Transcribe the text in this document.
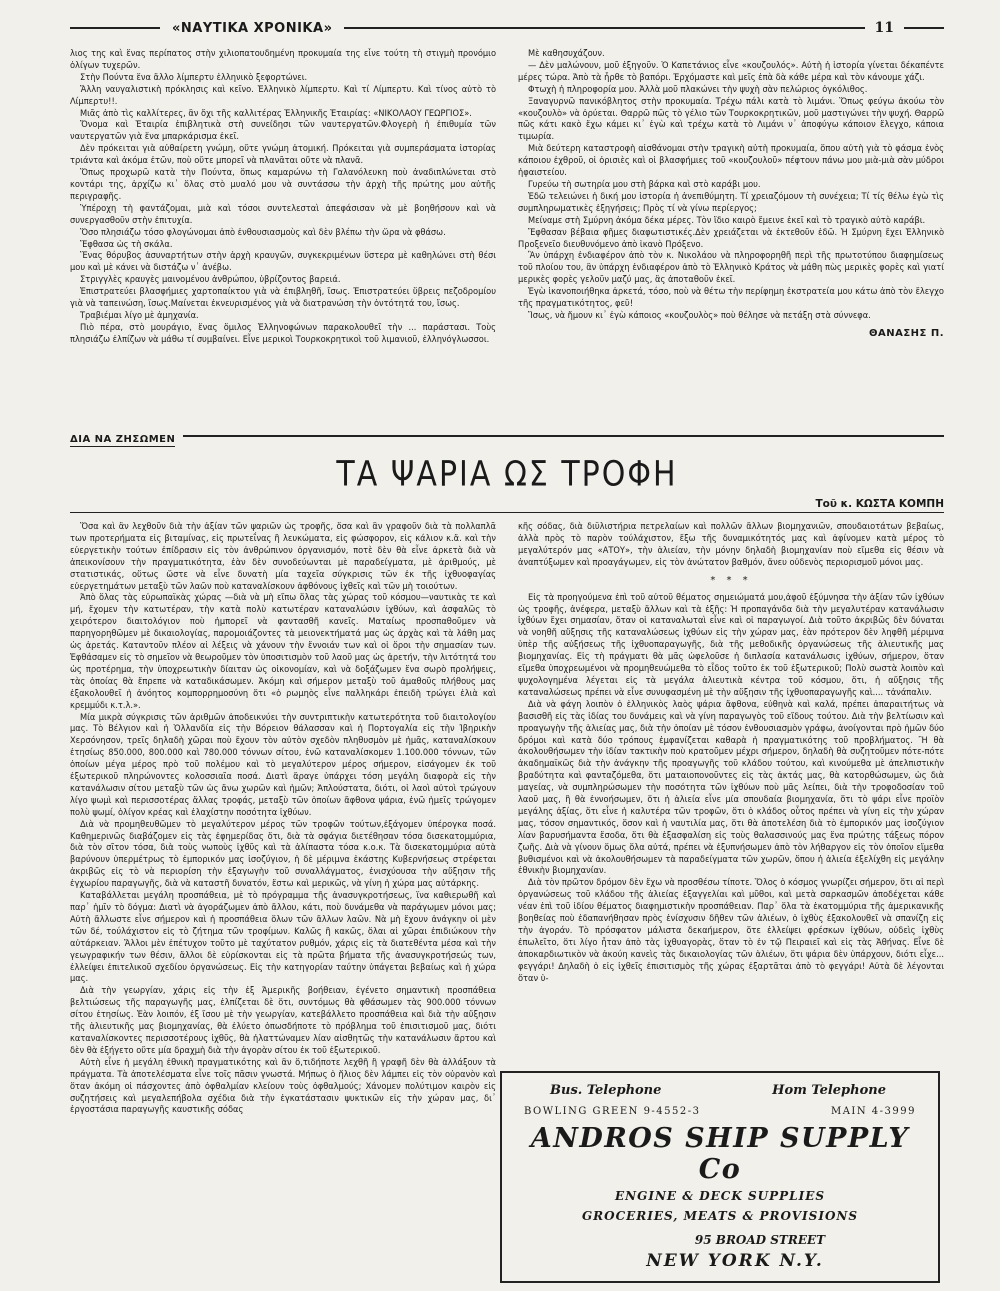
«ΝΑΥΤΙΚΑ ΧΡΟΝΙΚΑ»	11

λιος της καὶ ἕνας περίπατος στὴν χιλιοπατουδημένη προκυμαία της εἶνε τούτη τὴ στιγμὴ προνόμιο ὀλίγων τυχερῶν.

Στὴν Πούντα ἕνα ἄλλο λίμπερτυ ἑλληνικὸ ξεφορτώνει.

Ἄλλη ναυγαλιστικὴ πρόκλησις καὶ κεῖνο. Ἑλληνικὸ λίμπερτυ. Καὶ τί Λίμπερτυ. Καὶ τίνος αὐτὸ τὸ Λίμπερτυ!!.

Μιᾶς ἀπὸ τὶς καλλίτερες, ἂν ὄχι τῆς καλλιτέρας Ἑλληνικῆς Ἑταιρίας: «ΝΙΚΟΛΑΟΥ ΓΕΩΡΓΙΟΣ».

Ὄνομα καὶ Ἑταιρία ἐπιβλητικὰ στὴ συνείδησι τῶν ναυτεργατῶν.Φλογερὴ ἡ ἐπιθυμία τῶν ναυτεργατῶν γιὰ ἕνα μπαρκάρισμα ἐκεῖ.

Δὲν πρόκειται γιὰ αὐθαίρετη γνώμη, οὔτε γνώμη ἀτομική. Πρόκειται γιὰ συμπεράσματα ἱστορίας τριάντα καὶ ἀκόμα ἐτῶν, ποὺ οὔτε μπορεῖ νὰ πλανᾶται οὔτε νὰ πλανᾶ.

Ὅπως προχωρῶ κατὰ τὴν Πούντα, ὅπως καμαρώνω τὴ Γαλανόλευκη ποὺ ἀναδιπλώνεται στὸ κοντάρι της, ἀρχίζω κι᾽ ὅλας στὸ μυαλό μου νὰ συντάσσω τὴν ἀρχὴ τῆς πρώτης μου αὐτῆς περιγραφῆς.

Ὑπέροχη τὴ φαντάζομαι, μιὰ καὶ τόσοι συντελεσταὶ ἀπεφάσισαν νὰ μὲ βοηθήσουν καὶ νὰ συνεργασθοῦν στὴν ἐπιτυχία.

Ὅσο πλησιάζω τόσο φλογώνομαι ἀπὸ ἐνθουσιασμοὺς καὶ δὲν βλέπω τὴν ὥρα νὰ φθάσω.

Ἔφθασα ὡς τὴ σκάλα.

Ἕνας θόρυβος ἀσυναρτήτων στὴν ἀρχὴ κραυγῶν, συγκεκριμένων ὕστερα μὲ καθηλώνει στὴ θέσι μου καὶ μὲ κάνει νὰ διστάζω ν᾽ ἀνέβω.

Στριγγλὲς κραυγὲς μαινομένου ἀνθρώπου, ὑβρίζοντος βαρειά.

Ἐπιστρατεύει βλασφήμιες χαρτοπαίκτου γιὰ νὰ ἐπιβληθῆ, ἴσως. Ἐπιστρατεύει ὕβρεις πεζοδρομίου γιὰ νὰ ταπεινώση, ἴσως.Μαίνεται ἐκνευρισμένος γιὰ νὰ διατρανώση τὴν ὀντότητά του, ἴσως.

Τραβιέμαι λίγο μὲ ἀμηχανία.

Πιὸ πέρα, στὸ μουράγιο, ἕνας ὅμιλος Ἑλληνοφώνων παρακολουθεῖ τὴν ... παράστασι. Τοὺς πλησιάζω ἐλπίζων νὰ μάθω τί συμβαίνει. Εἶνε μερικοὶ Τουρκοκρητικοὶ τοῦ λιμανιοῦ, ἑλληνόγλωσσοι.

Μὲ καθησυχάζουν.

— Δὲν μαλώνουν, μοῦ ἐξηγοῦν. Ὁ Καπετάνιος εἶνε «κουζουλός». Αὐτὴ ἡ ἱστορία γίνεται δέκαπέντε μέρες τώρα. Ἀπὸ τὰ ἦρθε τὸ βαπόρι. Ἐρχόμαστε καὶ μεῖς ἐπὰ δὰ κάθε μέρα καὶ τὸν κάνουμε χάζι.

Φτωχὴ ἡ πληροφορία μου. Ἀλλὰ μοῦ πλακώνει τὴν ψυχὴ σὰν πελώριος ὀγκόλιθος.

Ξαναγυρνῶ πανικόβλητος στὴν προκυμαία. Τρέχω πάλι κατὰ τὸ λιμάνι. Ὅπως φεύγω ἀκούω τὸν «κουζουλὸ» νὰ ὀρύεται. Θαρρῶ πῶς τὸ γέλιο τῶν Τουρκοκρητικῶν, μοῦ μαστιγώνει τὴν ψυχή. Θαρρῶ πῶς κάτι κακὸ ἔχω κάμει κι᾽ ἐγὼ καὶ τρέχω κατὰ τὸ Λιμάνι ν᾽ ἀποφύγω κάποιον ἔλεγχο, κάποια τιμωρία.

Μιὰ δεύτερη καταστροφὴ αἰσθάνομαι στὴν τραγικὴ αὐτὴ προκυμαία, ὅπου αὐτὴ γιὰ τὸ φάσμα ἑνὸς κάποιου ἐχθροῦ, οἱ ὀρισιὲς καὶ οἱ βλασφήμιες τοῦ «κουζουλοῦ» πέφτουν πάνω μου μιὰ-μιὰ σὰν μύδροι ἡφαιστείου.

Γυρεύω τὴ σωτηρία μου στὴ βάρκα καὶ στὸ καράβι μου.

Ἐδῶ τελειώνει ἡ δική μου ἱστορία ἡ ἀνεπιθύμητη. Τί χρειαζόμουν τὴ συνέχεια; Τί τίς θέλω ἐγὼ τὶς συμπληρωματικὲς ἐξηγήσεις; Πρὸς τί νὰ γίνω περίεργος;

Μείναμε στὴ Σμύρνη ἀκόμα δέκα μέρες. Τὸν ἴδιο καιρὸ ἔμεινε ἐκεῖ καὶ τὸ τραγικὸ αὐτὸ καράβι.

Ἔφθασαν βέβαια φῆμες διαφωτιστικές.Δὲν χρειάζεται νὰ ἐκτεθοῦν ἐδῶ. Ἡ Σμύρνη ἔχει Ἑλληνικὸ Προξενεῖο διευθυνόμενο ἀπὸ ἱκανὸ Πρόξενο.

Ἂν ὑπάρχη ἐνδιαφέρον ἀπὸ τὸν κ. Νικολάου νὰ πληροφορηθῆ περὶ τῆς πρωτοτύπου διαφημίσεως τοῦ πλοίου του, ἂν ὑπάρχη ἐνδιαφέρον ἀπὸ τὸ Ἑλληνικὸ Κράτος νὰ μάθη πὼς μερικὲς φορὲς καὶ γιατί μερικὲς φορὲς γελοῦν μαζύ μας, ἂς ἀποταθοῦν ἐκεῖ.

Ἐγὼ ἱκανοποιήθηκα ἀρκετά, τόσο, ποὺ νὰ θέτω τὴν περίφημη ἐκστρατεία μου κάτω ἀπὸ τὸν ἔλεγχο τῆς πραγματικότητος, φεῦ!

Ἴσως, νὰ ἤμουν κι᾽ ἐγὼ κάποιος «κουζουλὸς» ποὺ θέλησε νὰ πετάξη στὰ σύννεφα.

ΘΑΝΑΣΗΣ Π.
ΔΙΑ ΝΑ ΖΗΣΩΜΕΝ
ΤΑ ΨΑΡΙΑ ΩΣ ΤΡΟΦΗ
Τοῦ κ. ΚΩΣΤΑ ΚΟΜΠΗ

Ὅσα καὶ ἂν λεχθοῦν διὰ τὴν ἀξίαν τῶν ψαριῶν ὡς τροφῆς, ὅσα καὶ ἂν γραφοῦν διὰ τὰ πολλαπλᾶ των προτερήματα εἰς βιταμίνας, εἰς πρωτεΐνας ἢ λευκώματα, εἰς φώσφορον, εἰς κάλιον κ.ἄ. καὶ τὴν εὐεργετικὴν τούτων ἐπίδρασιν εἰς τὸν ἀνθρώπινον ὀργανισμόν, ποτὲ δὲν θὰ εἶνε ἀρκετὰ διὰ νὰ ἀπεικονίσουν τὴν πραγματικότητα, ἐὰν δὲν συνοδεύωνται μὲ παραδείγματα, μὲ ἀριθμούς, μὲ στατιστικάς, οὕτως ὥστε νὰ εἶνε δυνατὴ μία ταχεῖα σύγκρισις τῶν ἐκ τῆς ἰχθυοφαγίας εὐεργετημάτων μεταξὺ τῶν λαῶν ποὺ καταναλίσκουν ἀφθόνους ἰχθεῖς καὶ τῶν μὴ τοιούτων.

Ἀπὸ ὅλας τὰς εὐρωπαϊκὰς χώρας —διὰ νὰ μὴ εἴπω ὅλας τὰς χώρας τοῦ κόσμου—ναυτικὰς τε καὶ μή, ἔχομεν τὴν κατωτέραν, τὴν κατὰ πολὺ κατωτέραν καταναλώσιν ἰχθύων, καὶ ἀσφαλῶς τὸ χειρότερον διαιτολόγιον ποὺ ἠμπορεῖ νὰ φαντασθῆ κανεῖς. Ματαίως προσπαθοῦμεν νὰ παρηγορηθῶμεν μὲ δικαιολογίας, παρομοιάζοντες τὰ μειονεκτήματά μας ὡς ἀρχὰς καὶ τὰ λάθη μας ὡς ἀρετάς. Καταντοῦν πλέον αἱ λέξεις νὰ χάνουν τὴν ἔννοιάν των καὶ οἱ ὅροι τὴν σημασίαν των. Ἐφθάσαμεν εἰς τὸ σημεῖον νὰ θεωροῦμεν τὸν ὑποσιτισμὸν τοῦ λαοῦ μας ὡς ἀρετήν, τὴν λιτότητά του ὡς προτέρημα, τὴν ὑποχρεωτικὴν δίαιταν ὡς οἰκονομίαν, καὶ νὰ δοξάζωμεν ἕνα σωρὸ προλήψεις, τὰς ὁποίας θὰ ἔπρεπε νὰ καταδικάσωμεν. Ἀκόμη καὶ σήμερον μεταξὺ τοῦ ἀμαθοῦς πλήθους μας ἐξακολουθεῖ ἡ ἀνόητος κομπορρημοσύνη ὅτι «ὁ ρωμηὸς εἶνε παλληκάρι ἐπειδὴ τρώγει ἐλιὰ καὶ κρεμμύδι κ.τ.λ.».

Μία μικρὰ σύγκρισις τῶν ἀριθμῶν ἀποδεικνύει τὴν συντριπτικὴν κατωτερότητα τοῦ διαιτολογίου μας. Τὸ Βέλγιον καὶ ἡ Ὁλλανδία εἰς τὴν Βόρειον θάλασσαν καὶ ἡ Πορτογαλία εἰς τὴν Ἰβηρικὴν Χερσόνησον, τρεῖς δηλαδὴ χῶραι ποὺ ἔχουν τὸν αὐτὸν σχεδὸν πληθυσμὸν μὲ ἡμᾶς, καταναλίσκουν ἐτησίως 850.000, 800.000 καὶ 780.000 τόννων σίτου, ἐνῶ καταναλίσκομεν 1.100.000 τόννων, τῶν ὁποίων μέγα μέρος πρὸ τοῦ πολέμου καὶ τὸ μεγαλύτερον μέρος σήμερον, εἰσάγομεν ἐκ τοῦ ἐξωτερικοῦ πληρώνοντες κολοσσιαῖα ποσά. Διατὶ ἄραγε ὑπάρχει τόση μεγάλη διαφορὰ εἰς τὴν κατανάλωσιν σίτου μεταξὺ τῶν ὡς ἄνω χωρῶν καὶ ἡμῶν; Ἁπλούστατα, διότι, οἱ λαοὶ αὐτοὶ τρώγουν λίγο ψωμὶ καὶ περισσοτέρας ἄλλας τροφάς, μεταξὺ τῶν ὁποίων ἄφθονα ψάρια, ἐνῶ ἡμεῖς τρώγομεν πολὺ ψωμί, ὀλίγον κρέας καὶ ἐλαχίστην ποσότητα ἰχθύων.

Διὰ νὰ προμηθευθῶμεν τὸ μεγαλύτερον μέρος τῶν τροφῶν τούτων,ἐξάγομεν ὑπέρογκα ποσά. Καθημερινῶς διαβάζομεν εἰς τὰς ἐφημερίδας ὅτι, διὰ τὰ σφάγια διετέθησαν τόσα δισεκατομμύρια, διὰ τὸν σῖτον τόσα, διὰ τοὺς νωποὺς ἰχθῦς καὶ τὰ ἁλίπαστα τόσα κ.ο.κ. Τὰ δισεκατομμύρια αὐτὰ βαρύνουν ὑπερμέτρως τὸ ἐμπορικόν μας ἰσοζύγιον, ἡ δὲ μέριμνα ἑκάστης Κυβερνήσεως στρέφεται ἀκριβῶς εἰς τὸ νὰ περιορίση τὴν ἐξαγωγὴν τοῦ συναλλάγματος, ἐνισχύουσα τὴν αὔξησιν τῆς ἐγχωρίου παραγωγῆς, διὰ νὰ καταστῆ δυνατόν, ἔστω καὶ μερικῶς, νὰ γίνη ἡ χώρα μας αὐτάρκης.

Καταβάλλεται μεγάλη προσπάθεια, μὲ τὸ πρόγραμμα τῆς ἀνασυγκροτήσεως, ἵνα καθιερωθῆ καὶ παρ᾽ ἡμῖν τὸ δόγμα: Διατὶ νὰ ἀγοράζωμεν ἀπὸ ἄλλου, κάτι, ποὺ δυνάμεθα νὰ παράγωμεν μόνοι μας; Αὐτὴ ἄλλωστε εἶνε σήμερον καὶ ἡ προσπάθεια ὅλων τῶν ἄλλων λαῶν. Νὰ μὴ ἔχουν ἀνάγκην οἱ μὲν τῶν δέ, τούλάχιστον εἰς τὸ ζήτημα τῶν τροφίμων. Καλῶς ἢ κακῶς, ὅλαι αἱ χῶραι ἐπιδιώκουν τὴν αὐτάρκειαν. Ἄλλοι μὲν ἐπέτυχον τοῦτο μὲ ταχύτατον ρυθμόν, χάρις εἰς τὰ διατεθέντα μέσα καὶ τὴν γεωγραφικήν των θέσιν, ἄλλοι δὲ εὑρίσκονται εἰς τὰ πρῶτα βήματα τῆς ἀνασυγκροτήσεώς των, ἐλλείψει ἐπιτελικοῦ σχεδίου ὀργανώσεως. Εἰς τὴν κατηγορίαν ταύτην ὑπάγεται βεβαίως καὶ ἡ χώρα μας.

Διὰ τὴν γεωργίαν, χάρις εἰς τὴν ἐξ Ἀμερικῆς βοήθειαν, ἐγένετο σημαντικὴ προσπάθεια βελτιώσεως τῆς παραγωγῆς μας, ἐλπίζεται δὲ ὅτι, συντόμως θὰ φθάσωμεν τὰς 900.000 τόννων σίτου ἐτησίως. Ἐὰν λοιπόν, ἐξ ἴσου μὲ τὴν γεωργίαν, κατεβάλλετο προσπάθεια καὶ διὰ τὴν αὔξησιν τῆς ἁλιευτικῆς μας βιομηχανίας, θὰ ἐλύετο ὁπωσδήποτε τὸ πρόβλημα τοῦ ἐπισιτισμοῦ μας, διότι καταναλίσκοντες περισσοτέρους ἰχθῦς, θὰ ἠλαττώναμεν λίαν αἰσθητῶς τὴν κατανάλωσιν ἄρτου καὶ δὲν θὰ ἐξήγετο οὔτε μία δραχμὴ διὰ τὴν ἀγορὰν σίτου ἐκ τοῦ ἐξωτερικοῦ.

Αὐτὴ εἶνε ἡ μεγάλη ἐθνικὴ πραγματικότης καὶ ἂν ὅ,τιδήποτε λεχθῆ ἢ γραφῆ δὲν θὰ ἀλλάξουν τὰ πράγματα. Τὰ ἀποτελέσματα εἶνε τοῖς πᾶσιν γνωστά. Μήπως ὁ ἥλιος δὲν λάμπει εἰς τὸν οὐρανὸν καὶ ὅταν ἀκόμη οἱ πάσχοντες ἀπὸ ὀφθαλμίαν κλείουν τοὺς ὀφθαλμούς; Χάνομεν πολύτιμον καιρὸν εἰς συζητήσεις καὶ μεγαλεπήβολα σχέδια διὰ τὴν ἐγκατάστασιν ψυκτικῶν εἰς τὴν χώραν μας, δι᾽ ἐργοστάσια παραγωγῆς καυστικῆς σόδας

κῆς σόδας, διὰ διϋλιστήρια πετρελαίων καὶ πολλῶν ἄλλων βιομηχανιῶν, σπουδαιοτάτων βεβαίως, ἀλλὰ πρὸς τὸ παρὸν τούλάχιστον, ἔξω τῆς δυναμικότητός μας καὶ ἀφίνομεν κατὰ μέρος τὸ μεγαλύτερόν μας «ΑΤΟΥ», τὴν ἁλιείαν, τὴν μόνην δηλαδὴ βιομηχανίαν ποὺ εἴμεθα εἰς θέσιν νὰ ἀναπτύξωμεν καὶ προαγάγωμεν, εἰς τὸν ἀνώτατον βαθμόν, ἄνευ οὐδενὸς περιορισμοῦ μόνοι μας.

* * *

Εἰς τὰ προηγούμενα ἐπὶ τοῦ αὐτοῦ θέματος σημειώματά μου,ἀφοῦ ἐξύμνησα τὴν ἀξίαν τῶν ἰχθύων ὡς τροφῆς, ἀνέφερα, μεταξὺ ἄλλων καὶ τὰ ἑξῆς: Ἡ προπαγάνδα διὰ τὴν μεγαλυτέραν κατανάλωσιν ἰχθύων ἔχει σημασίαν, ὅταν οἱ καταναλωταὶ εἶνε καὶ οἱ παραγωγοί. Διὰ τοῦτο ἀκριβῶς δὲν δύναται νὰ νοηθῆ αὔξησις τῆς καταναλώσεως ἰχθύων εἰς τὴν χώραν μας, ἐὰν πρότερον δὲν ληφθῆ μέριμνα ὑπὲρ τῆς αὐξήσεως τῆς ἰχθυοπαραγωγῆς, διὰ τῆς μεθοδικῆς ὀργανώσεως τῆς ἁλιευτικῆς μας βιομηχανίας. Εἰς τὴ πράγματι θὰ μᾶς ὠφελοῦσε ἡ διπλασία κατανάλωσις ἰχθύων, σήμερον, ὅταν εἴμεθα ὑποχρεωμένοι νὰ προμηθευώμεθα τὸ εἶδος τοῦτο ἐκ τοῦ ἐξωτερικοῦ; Πολὺ σωστὰ λοιπὸν καὶ ψυχολογημένα λέγεται εἰς τὰ μεγάλα ἁλιευτικὰ κέντρα τοῦ κόσμου, ὅτι, ἡ αὔξησις τῆς καταναλώσεως πρέπει νὰ εἶνε συνυφασμένη μὲ τὴν αὔξησιν τῆς ἰχθυοπαραγωγῆς καὶ.... τἀνάπαλιν.

Διὰ νὰ φάγη λοιπὸν ὁ ἑλληνικὸς λαὸς ψάρια ἄφθονα, εὐθηνὰ καὶ καλά, πρέπει ἀπαραιτήτως νὰ βασισθῆ εἰς τὰς ἰδίας του δυνάμεις καὶ νὰ γίνη παραγωγὸς τοῦ εἴδους τούτου. Διὰ τὴν βελτίωσιν καὶ προαγωγὴν τῆς ἁλιείας μας, διὰ τὴν ὁποίαν μὲ τόσον ἐνθουσιασμὸν γράφω, ἀνοίγονται πρὸ ἡμῶν δύο δρόμοι καὶ κατὰ δύο τρόπους ἐμφανίζεται καθαρὰ ἡ πραγματικότης τοῦ προβλήματος. Ἢ θὰ ἀκολουθήσωμεν τὴν ἰδίαν τακτικὴν ποὺ κρατοῦμεν μέχρι σήμερον, δηλαδὴ θὰ συζητοῦμεν πότε-πότε ἀκαδημαϊκῶς διὰ τὴν ἀνάγκην τῆς προαγωγῆς τοῦ κλάδου τούτου, καὶ κινούμεθα μὲ ἀπελπιστικὴν βραδύτητα καὶ φανταζόμεθα, ὅτι ματαιοπονοῦντες εἰς τὰς ἀκτάς μας, θὰ κατορθώσωμεν, ὡς διὰ μαγείας, νὰ συμπληρώσωμεν τὴν ποσότητα τῶν ἰχθύων ποὺ μᾶς λείπει, διὰ τὴν τροφοδοσίαν τοῦ λαοῦ μας, ἢ θὰ ἐννοήσωμεν, ὅτι ἡ ἁλιεία εἶνε μία σπουδαία βιομηχανία, ὅτι τὸ ψάρι εἶνε προϊὸν μεγάλης ἀξίας, ὅτι εἶνε ἡ καλυτέρα τῶν τροφῶν, ὅτι ὁ κλάδος οὗτος πρέπει νὰ γίνη εἰς τὴν χώραν μας, τόσον σημαντικός, ὅσον καὶ ἡ ναυτιλία μας, ὅτι θὰ ἀποτελέση διὰ τὸ ἐμπορικόν μας ἰσοζύγιον λίαν βαρυσήμαντα ἔσοδα, ὅτι θὰ ἐξασφαλίση εἰς τοὺς θαλασσινούς μας ἕνα πρώτης τάξεως πόρον ζωῆς. Διὰ νὰ γίνουν ὅμως ὅλα αὐτά, πρέπει νὰ ἐξυπνήσωμεν ἀπὸ τὸν λήθαργον εἰς τὸν ὁποῖον εἴμεθα βυθισμένοι καὶ νὰ ἀκολουθήσωμεν τὰ παραδείγματα τῶν χωρῶν, ὅπου ἡ ἁλιεία ἐξελίχθη εἰς μεγάλην ἐθνικὴν βιομηχανίαν.

Διὰ τὸν πρῶτον δρόμον δὲν ἔχω νὰ προσθέσω τίποτε. Ὅλος ὁ κόσμος γνωρίζει σήμερον, ὅτι αἱ περὶ ὀργανώσεως τοῦ κλάδου τῆς ἁλιείας ἐξαγγελίαι καὶ μῦθοι, καὶ μετὰ σαρκασμῶν ἀποδέχεται κάθε νέαν ἐπὶ τοῦ ἰδίου θέματος διαφημιστικὴν προσπάθειαν. Παρ᾽ ὅλα τὰ ἑκατομμύρια τῆς ἀμερικανικῆς βοηθείας ποὺ ἐδαπανήθησαν πρὸς ἐνίσχυσιν δῆθεν τῶν ἁλιέων, ὁ ἰχθὺς ἐξακολουθεῖ νὰ σπανίζη εἰς τὴν ἀγοράν. Τὸ πρόσφατον μάλιστα δεκαήμερον, ὅτε ἐλλείψει φρέσκων ἰχθύων, οὐδεὶς ἰχθὺς ἐπωλεῖτο, ὅτι λίγο ἦταν ἀπὸ τὰς ἰχθυαγορὰς, ὅταν τὸ ἐν τῷ Πειραιεῖ καὶ εἰς τὰς Ἀθήνας. Εἶνε δὲ ἀποκαρδιωτικὸν νὰ ἀκούη κανεὶς τὰς δικαιολογίας τῶν ἁλιέων, ὅτι ψάρια δὲν ὑπάρχουν, διότι εἶχε... φεγγάρι! Δηλαδὴ ὁ εἰς ἰχθεῖς ἐπισιτισμὸς τῆς χώρας ἐξαρτᾶται ἀπὸ τὸ φεγγάρι! Αὐτὰ δὲ λέγονται ὅταν ὑ-

Bus. Telephone	Hom Telephone
BOWLING GREEN 9-4552-3	MAIN 4-3999
ANDROS SHIP SUPPLY Co
ENGINE & DECK SUPPLIES
GROCERIES, MEATS & PROVISIONS
95 BROAD STREET
NEW YORK N.Y.
